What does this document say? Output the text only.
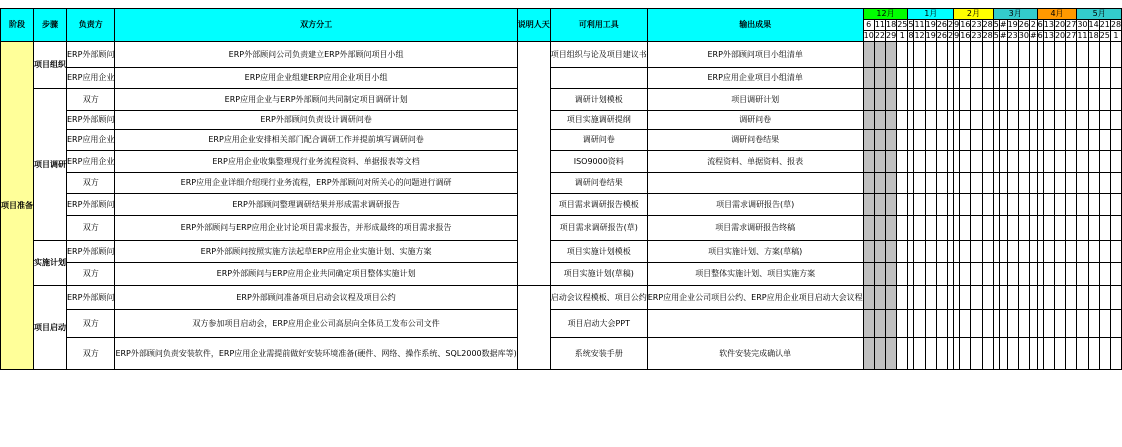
阶段	步骤	负责方	双方分工	说明人天	可利用工具	输出成果	12月				1月					2月				3月					4月				5月			
							6	11	18	25	5	11	19	26	2	9	16	23	28	5	#	19	26	2	6	13	20	27	30	14	21	28
							10	22	29	1	8	12	19	26	2	9	16	23	28	5	#	23	30	#	6	13	20	27	11	18	25	1
项目准备	项目组织	ERP外部顾问	ERP外部顾问公司负责建立ERP外部顾问项目小组		项目组织与论及项目建议书	ERP外部顾问项目小组清单																										
		ERP应用企业	ERP应用企业组建ERP应用企业项目小组			ERP应用企业项目小组清单																										
	项目调研	双方	ERP应用企业与ERP外部顾问共同制定项目调研计划		调研计划模板	项目调研计划																										
		ERP外部顾问	ERP外部顾问负责设计调研问卷		项目实施调研提纲	调研问卷																										
		ERP应用企业	ERP应用企业安排相关部门配合调研工作并提前填写调研问卷		调研问卷	调研问卷结果																										
		ERP应用企业	ERP应用企业收集整理现行业务流程资料、单据报表等文档		ISO9000资料	流程资料、单据资料、报表																										
		双方	ERP应用企业详细介绍现行业务流程，ERP外部顾问对所关心的问题进行调研		调研问卷结果																											
		ERP外部顾问	ERP外部顾问整理调研结果并形成需求调研报告		项目需求调研报告模板	项目需求调研报告(草)																										
		双方	ERP外部顾问与ERP应用企业讨论项目需求报告，并形成最终的项目需求报告		项目需求调研报告(草)	项目需求调研报告终稿																										
	实施计划	ERP外部顾问	ERP外部顾问按照实施方法起草ERP应用企业实施计划、实施方案		项目实施计划模板	项目实施计划、方案(草稿)																										
		双方	ERP外部顾问与ERP应用企业共同确定项目整体实施计划		项目实施计划(草稿)	项目整体实施计划、项目实施方案																										
	项目启动	ERP外部顾问	ERP外部顾问准备项目启动会议程及项目公约		启动会议程模板、项目公约	ERP应用企业公司项目公约、ERP应用企业项目启动大会议程																										
		双方	双方参加项目启动会，ERP应用企业公司高层向全体员工发布公司文件		项目启动大会PPT																											
		双方	ERP外部顾问负责安装软件，ERP应用企业需提前做好安装环境准备(硬件、网络、操作系统、SQL2000数据库等)		系统安装手册	软件安装完成确认单																										
